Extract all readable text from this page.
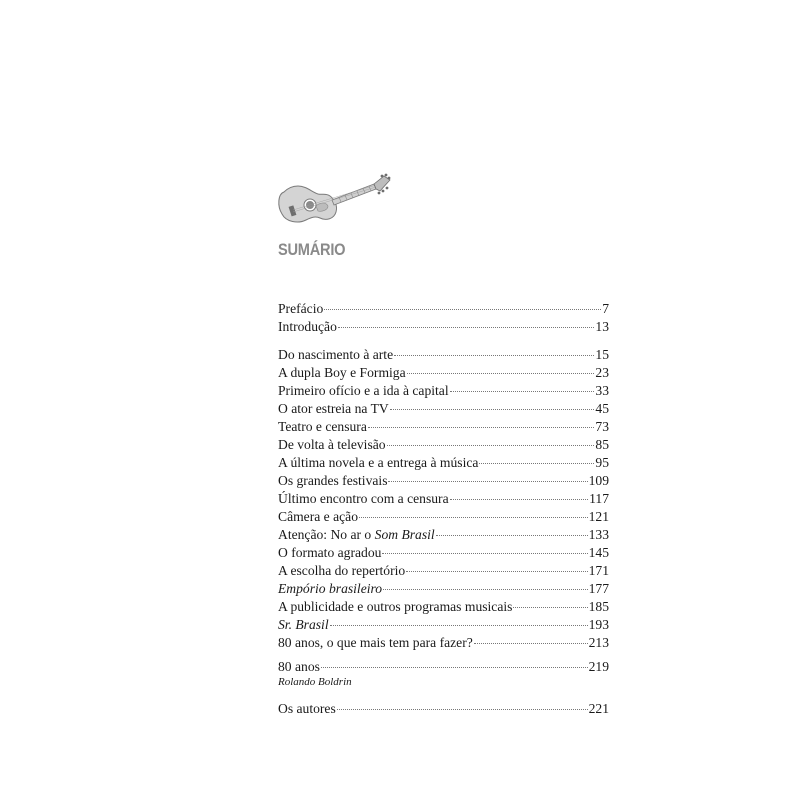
SUMÁRIO
Prefácio	7
Introdução	13
Do nascimento à arte	15
A dupla Boy e Formiga	23
Primeiro ofício e a ida à capital	33
O ator estreia na TV	45
Teatro e censura	73
De volta à televisão	85
A última novela e a entrega à música	95
Os grandes festivais	109
Último encontro com a censura	117
Câmera e ação	121
Atenção: No ar o Som Brasil	133
O formato agradou	145
A escolha do repertório	171
Empório brasileiro	177
A publicidade e outros programas musicais	185
Sr. Brasil	193
80 anos, o que mais tem para fazer?	213
80 anos	219
Rolando Boldrin
Os autores	221
